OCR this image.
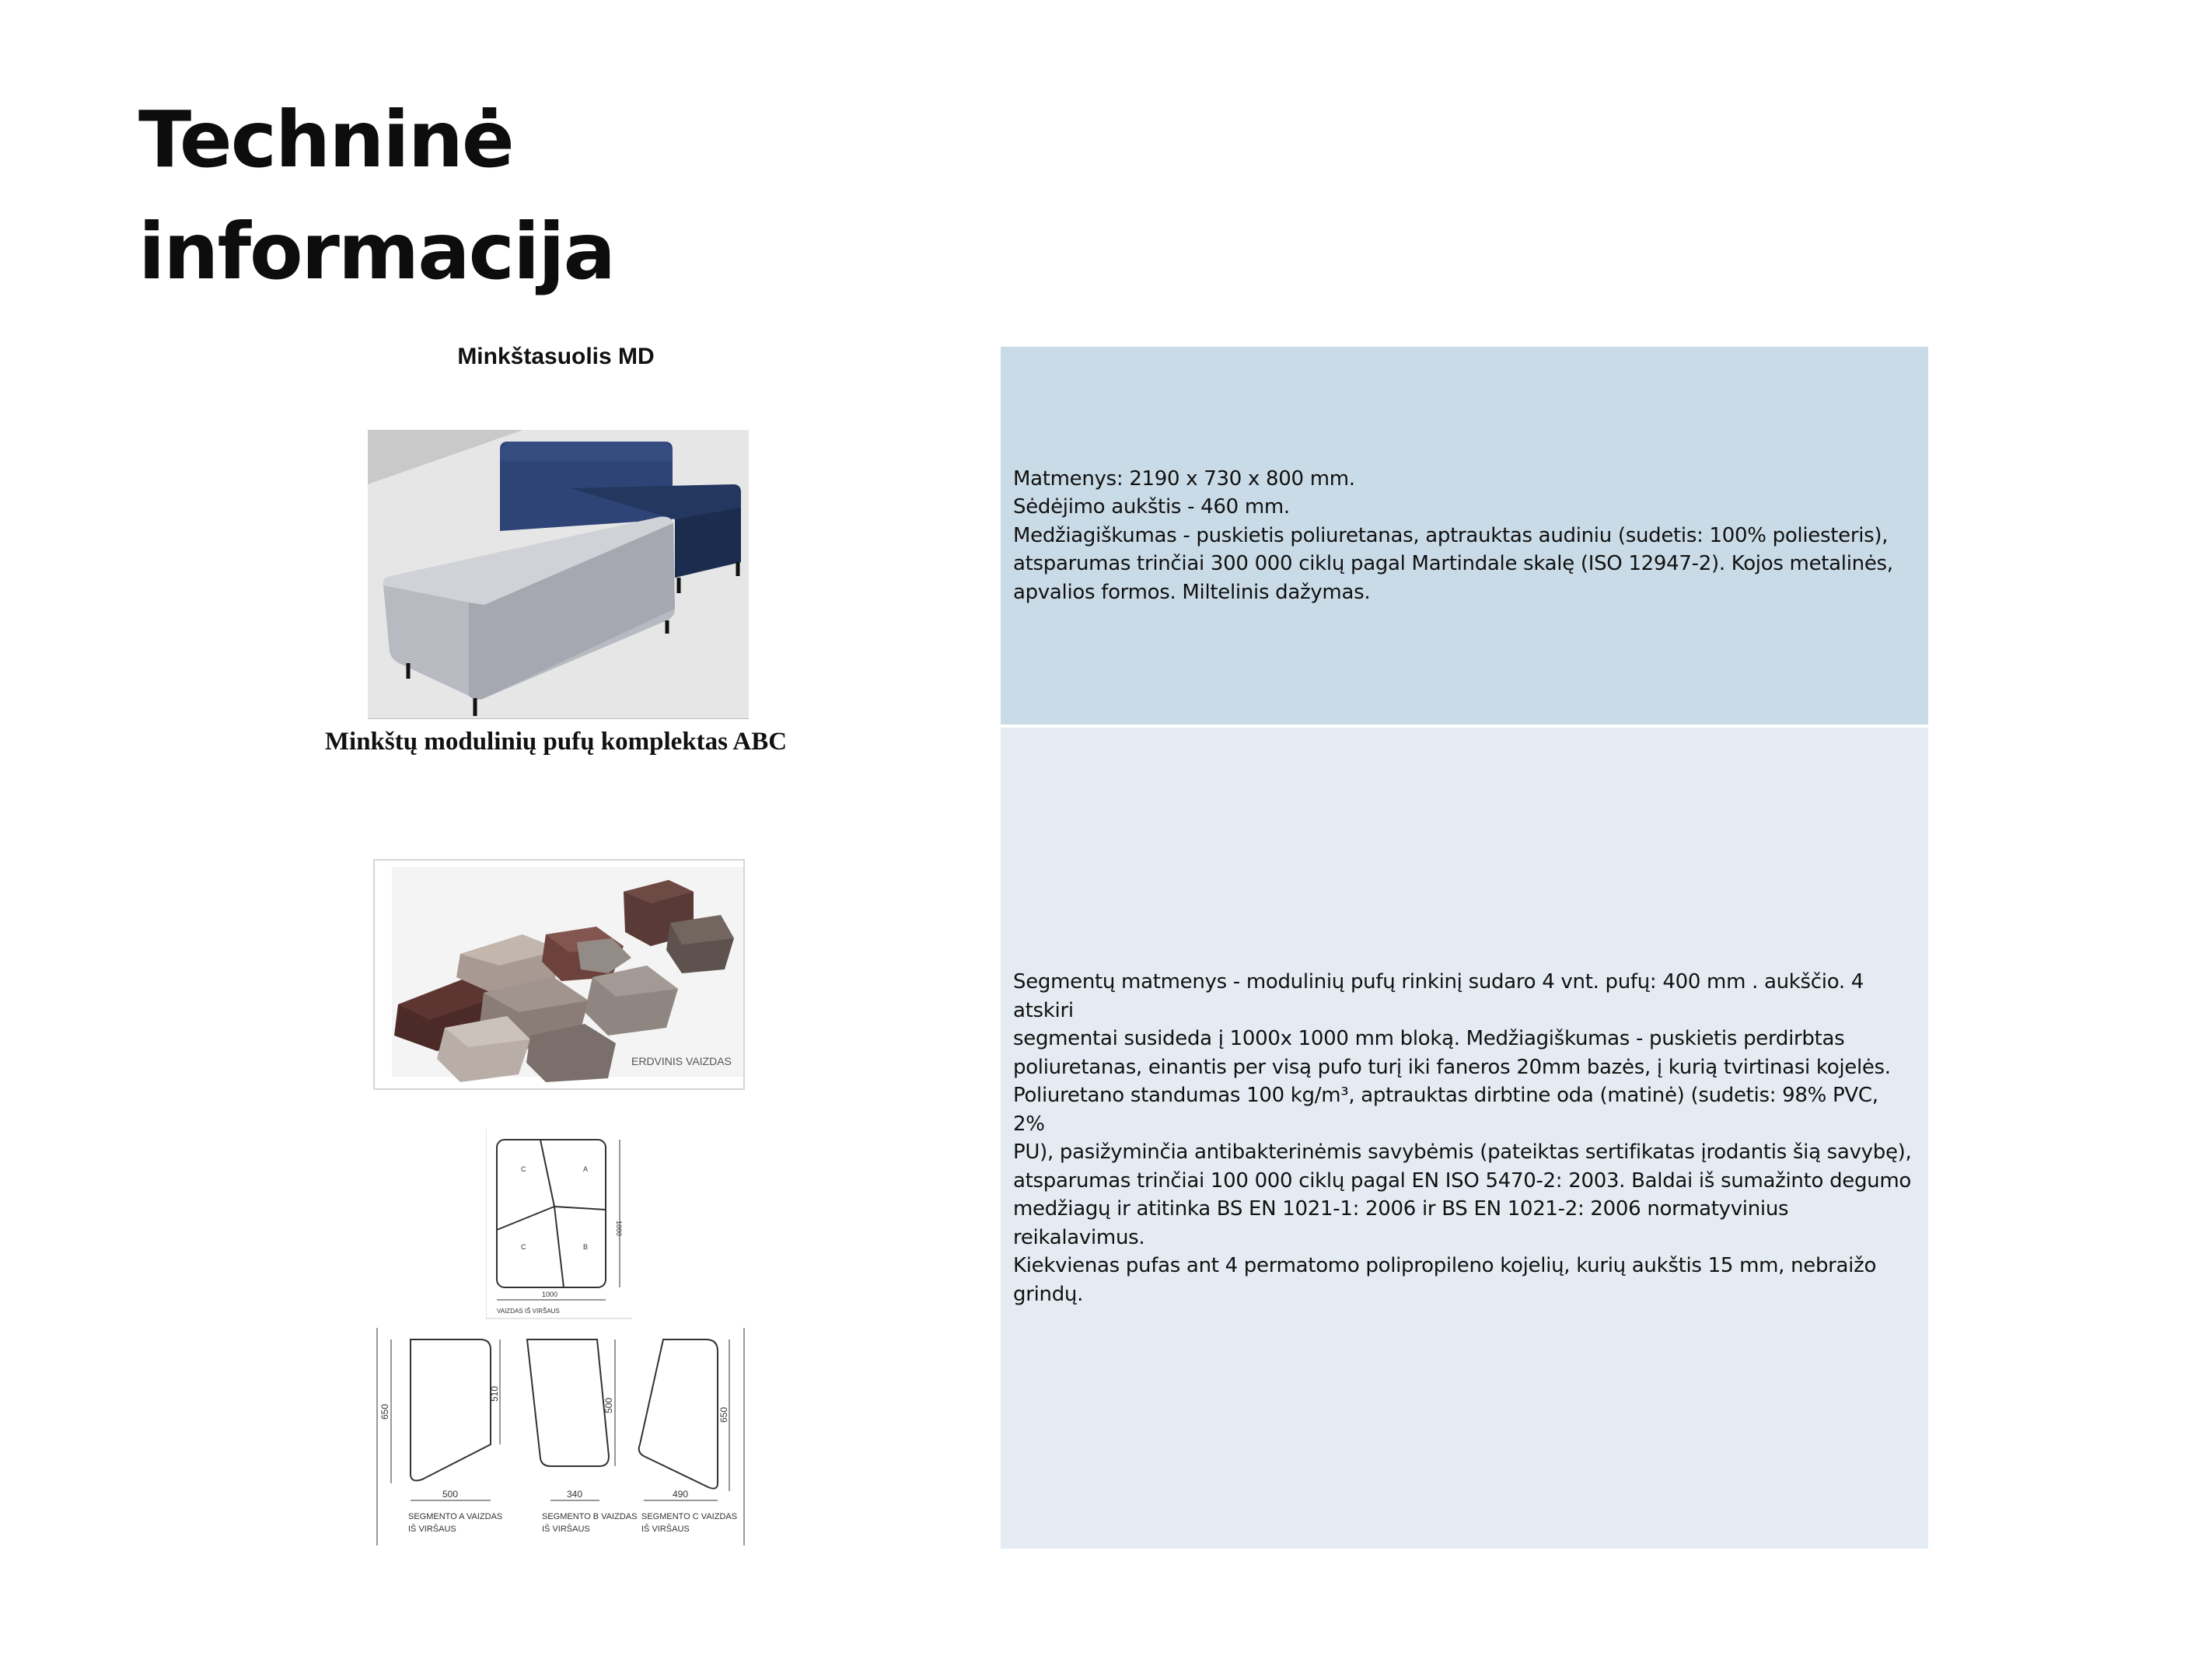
Techninė
informacija
Minkštasuolis MD
Minkštų modulinių pufų komplektas ABC
ERDVINIS VAIZDAS
C	A
C	B
1000
1000
VAIZDAS IŠ VIRŠAUS
650
510
500
500
340
650
490
SEGMENTO A VAIZDAS
IŠ VIRŠAUS
SEGMENTO B VAIZDAS
IŠ VIRŠAUS
SEGMENTO C VAIZDAS
IŠ VIRŠAUS

Matmenys: 2190 x 730 x 800 mm.
Sėdėjimo aukštis - 460 mm.
Medžiagiškumas - puskietis poliuretanas, aptrauktas audiniu (sudetis: 100% poliesteris),
atsparumas trinčiai 300 000 ciklų pagal Martindale skalę (ISO 12947-2). Kojos metalinės,
apvalios formos. Miltelinis dažymas.

Segmentų matmenys - modulinių pufų rinkinį sudaro 4 vnt. pufų: 400 mm . aukščio. 4 atskiri
segmentai susideda į 1000x 1000 mm bloką. Medžiagiškumas - puskietis perdirbtas
poliuretanas, einantis per visą pufo turį iki faneros 20mm bazės, į kurią tvirtinasi kojelės.
Poliuretano standumas 100 kg/m³, aptrauktas dirbtine oda (matinė) (sudetis: 98% PVC, 2%
PU), pasižyminčia antibakterinėmis savybėmis (pateiktas sertifikatas įrodantis šią savybę),
atsparumas trinčiai 100 000 ciklų pagal EN ISO 5470-2: 2003. Baldai iš sumažinto degumo
medžiagų ir atitinka BS EN 1021-1: 2006 ir BS EN 1021-2: 2006 normatyvinius reikalavimus.
Kiekvienas pufas ant 4 permatomo polipropileno kojelių, kurių aukštis 15 mm, nebraižo
grindų.
